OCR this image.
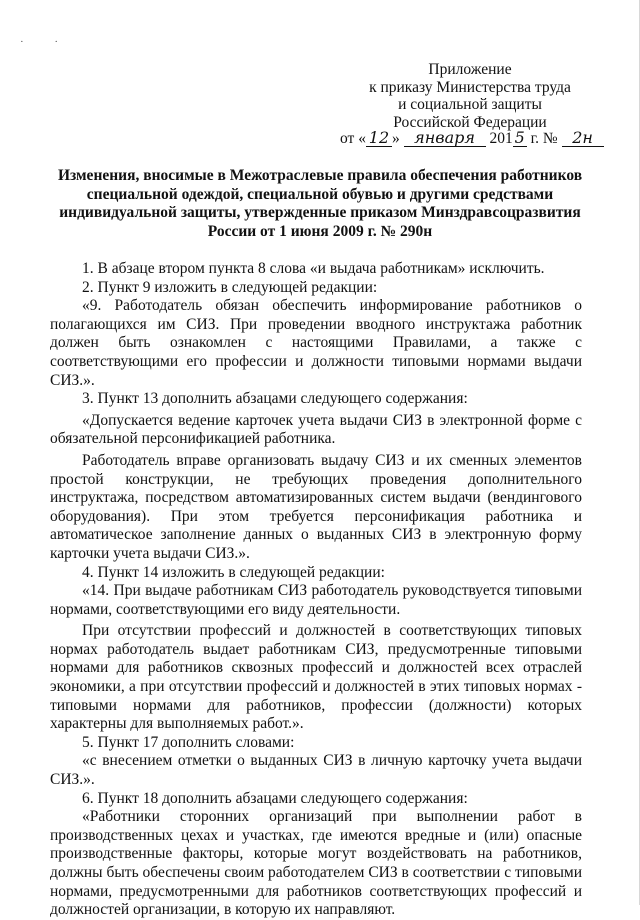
· ·
Приложение
к приказу Министерства труда
и социальной защиты
Российской Федерации
от « 12 » января 201 5 г. № 2н
Изменения, вносимые в Межотраслевые правила обеспечения работников
специальной одеждой, специальной обувью и другими средствами
индивидуальной защиты, утвержденные приказом Минздравсоцразвития
России от 1 июня 2009 г. № 290н

1. В абзаце втором пункта 8 слова «и выдача работникам» исключить.

2. Пункт 9 изложить в следующей редакции:

«9. Работодатель обязан обеспечить информирование работников о полагающихся им СИЗ. При проведении вводного инструктажа работник должен быть ознакомлен с настоящими Правилами, а также с соответствующими его профессии и должности типовыми нормами выдачи СИЗ.».

3. Пункт 13 дополнить абзацами следующего содержания:

«Допускается ведение карточек учета выдачи СИЗ в электронной форме с обязательной персонификацией работника.

Работодатель вправе организовать выдачу СИЗ и их сменных элементов простой конструкции, не требующих проведения дополнительного инструктажа, посредством автоматизированных систем выдачи (вендингового оборудования). При этом требуется персонификация работника и автоматическое заполнение данных о выданных СИЗ в электронную форму карточки учета выдачи СИЗ.».

4. Пункт 14 изложить в следующей редакции:

«14. При выдаче работникам СИЗ работодатель руководствуется типовыми нормами, соответствующими его виду деятельности.

При отсутствии профессий и должностей в соответствующих типовых нормах работодатель выдает работникам СИЗ, предусмотренные типовыми нормами для работников сквозных профессий и должностей всех отраслей экономики, а при отсутствии профессий и должностей в этих типовых нормах - типовыми нормами для работников, профессии (должности) которых характерны для выполняемых работ.».

5. Пункт 17 дополнить словами:

«с внесением отметки о выданных СИЗ в личную карточку учета выдачи СИЗ.».

6. Пункт 18 дополнить абзацами следующего содержания:

«Работники сторонних организаций при выполнении работ в производственных цехах и участках, где имеются вредные и (или) опасные производственные факторы, которые могут воздействовать на работников, должны быть обеспечены своим работодателем СИЗ в соответствии с типовыми нормами, предусмотренными для работников соответствующих профессий и должностей организации, в которую их направляют.
